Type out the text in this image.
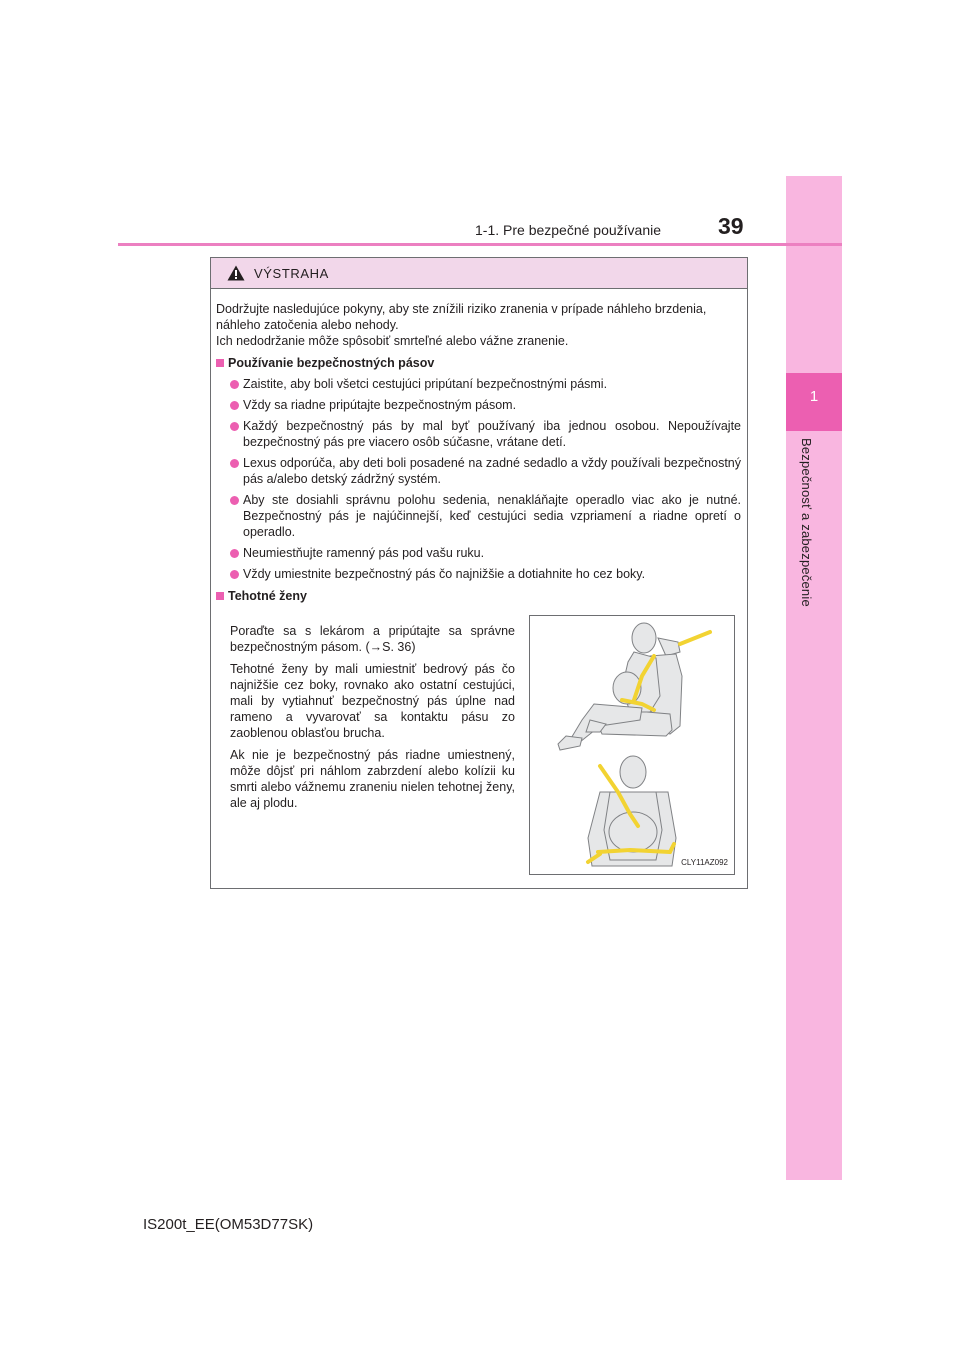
1
Bezpečnosť a zabezpečenie
1-1. Pre bezpečné používanie 39
VÝSTRAHA

Dodržujte nasledujúce pokyny, aby ste znížili riziko zranenia v prípade náhleho brzdenia, náhleho zatočenia alebo nehody.

Ich nedodržanie môže spôsobiť smrteľné alebo vážne zranenie.

Používanie bezpečnostných pásov
Zaistite, aby boli všetci cestujúci pripútaní bezpečnostnými pásmi.
Vždy sa riadne pripútajte bezpečnostným pásom.
Každý bezpečnostný pás by mal byť používaný iba jednou osobou. Nepoužívajte bezpečnostný pás pre viacero osôb súčasne, vrátane detí.
Lexus odporúča, aby deti boli posadené na zadné sedadlo a vždy používali bezpečnostný pás a/alebo detský zádržný systém.
Aby ste dosiahli správnu polohu sedenia, nenakláňajte operadlo viac ako je nutné. Bezpečnostný pás je najúčinnejší, keď cestujúci sedia vzpriamení a riadne opretí o operadlo.
Neumiestňujte ramenný pás pod vašu ruku.
Vždy umiestnite bezpečnostný pás čo najnižšie a dotiahnite ho cez boky.
Tehotné ženy

Poraďte sa s lekárom a pripútajte sa správne bezpečnostným pásom. (→S. 36)

Tehotné ženy by mali umiestniť bedrový pás čo najnižšie cez boky, rovnako ako ostatní cestujúci, mali by vytiahnuť bezpečnostný pás úplne nad rameno a vyvarovať sa kontaktu pásu zo zaoblenou oblasťou brucha.

Ak nie je bezpečnostný pás riadne umiestnený, môže dôjsť pri náhlom zabrzdení alebo kolízii ku smrti alebo vážnemu zraneniu nielen tehotnej ženy, ale aj plodu.

CLY11AZ092
IS200t_EE(OM53D77SK)
